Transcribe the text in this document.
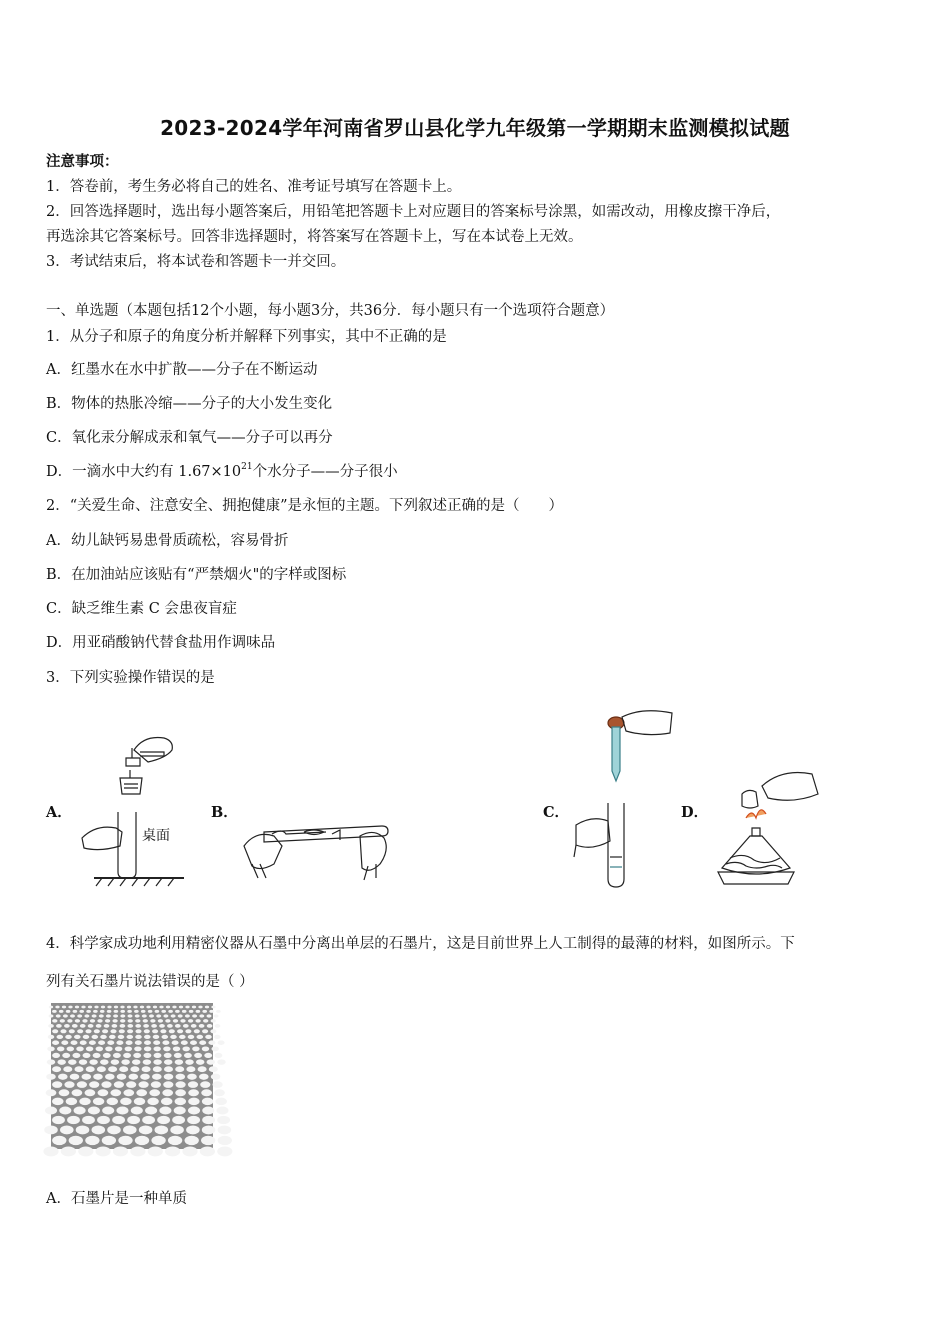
2023-2024学年河南省罗山县化学九年级第一学期期末监测模拟试题
注意事项：
1．答卷前，考生务必将自己的姓名、准考证号填写在答题卡上。
2．回答选择题时，选出每小题答案后，用铅笔把答题卡上对应题目的答案标号涂黑，如需改动，用橡皮擦干净后，
再选涂其它答案标号。回答非选择题时，将答案写在答题卡上，写在本试卷上无效。
3．考试结束后，将本试卷和答题卡一并交回。
一、单选题（本题包括12个小题，每小题3分，共36分．每小题只有一个选项符合题意）
1．从分子和原子的角度分析并解释下列事实，其中不正确的是
A．红墨水在水中扩散——分子在不断运动
B．物体的热胀冷缩——分子的大小发生变化
C．氧化汞分解成汞和氧气——分子可以再分
D．一滴水中大约有 $1.67\times 10^{21}$个水分子——分子很小
2．“关爱生命、注意安全、拥抱健康”是永恒的主题。下列叙述正确的是（　　）
A．幼儿缺钙易患骨质疏松，容易骨折
B．在加油站应该贴有“严禁烟火"的字样或图标
C．缺乏维生素 C 会患夜盲症
D．用亚硝酸钠代替食盐用作调味品
3．下列实验操作错误的是
A．	B．	C．	D．
桌面
4．科学家成功地利用精密仪器从石墨中分离出单层的石墨片，这是目前世界上人工制得的最薄的材料，如图所示。下
列有关石墨片说法错误的是（ ）
A．石墨片是一种单质
